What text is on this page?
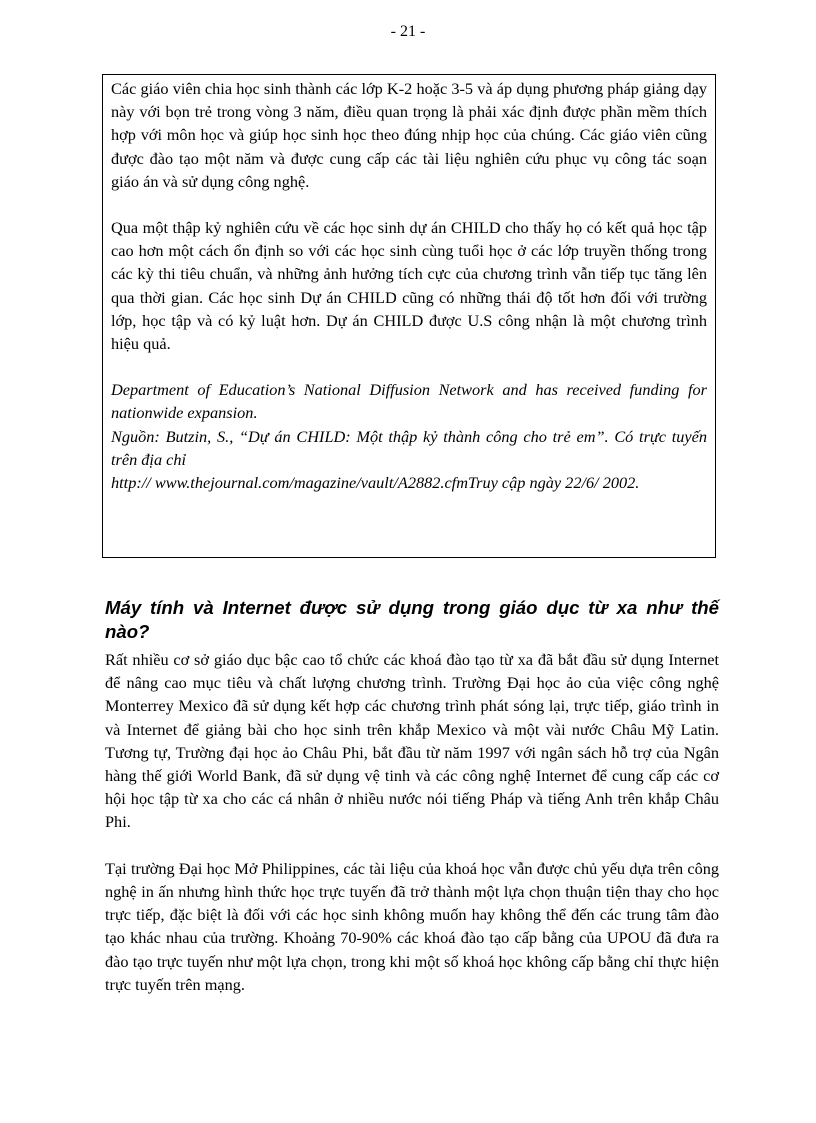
- 21 -

Các giáo viên chia học sinh thành các lớp K-2 hoặc 3-5 và áp dụng phương pháp giảng dạy này với bọn trẻ trong vòng 3 năm, điều quan trọng là phải xác định được phần mềm thích hợp với môn học và giúp học sinh học theo đúng nhịp học của chúng. Các giáo viên cũng được đào tạo một năm và được cung cấp các tài liệu nghiên cứu phục vụ công tác soạn giáo án và sử dụng công nghệ.

Qua một thập kỷ nghiên cứu về các học sinh dự án CHILD cho thấy họ có kết quả học tập cao hơn một cách ổn định so với các học sinh cùng tuổi học ở các lớp truyền thống trong các kỳ thi tiêu chuẩn, và những ảnh hưởng tích cực của chương trình vẫn tiếp tục tăng lên qua thời gian. Các học sinh Dự án CHILD cũng có những thái độ tốt hơn đối với trường lớp, học tập và có kỷ luật hơn. Dự án CHILD được U.S công nhận là một chương trình hiệu quả.

Department of Education’s National Diffusion Network and has received funding for nationwide expansion.
Nguồn: Butzin, S., “Dự án CHILD: Một thập kỷ thành công cho trẻ em”. Có trực tuyến trên địa chỉ
http:// www.thejournal.com/magazine/vault/A2882.cfmTruy cập ngày 22/6/ 2002.
Máy tính và Internet được sử dụng trong giáo dục từ xa như thế nào?

Rất nhiều cơ sở giáo dục bậc cao tổ chức các khoá đào tạo từ xa đã bắt đầu sử dụng Internet để nâng cao mục tiêu và chất lượng chương trình. Trường Đại học ảo của việc công nghệ Monterrey Mexico đã sử dụng kết hợp các chương trình phát sóng lại, trực tiếp, giáo trình in và Internet để giảng bài cho học sinh trên khắp Mexico và một vài nước Châu Mỹ Latin. Tương tự, Trường đại học ảo Châu Phi, bắt đầu từ năm 1997 với ngân sách hỗ trợ của Ngân hàng thế giới World Bank, đã sử dụng vệ tinh và các công nghệ Internet để cung cấp các cơ hội học tập từ xa cho các cá nhân ở nhiều nước nói tiếng Pháp và tiếng Anh trên khắp Châu Phi.

Tại trường Đại học Mở Philippines, các tài liệu của khoá học vẫn được chủ yếu dựa trên công nghệ in ấn nhưng hình thức học trực tuyến đã trở thành một lựa chọn thuận tiện thay cho học trực tiếp, đặc biệt là đối với các học sinh không muốn hay không thể đến các trung tâm đào tạo khác nhau của trường. Khoảng 70-90% các khoá đào tạo cấp bằng của UPOU đã đưa ra đào tạo trực tuyến như một lựa chọn, trong khi một số khoá học không cấp bằng chỉ thực hiện trực tuyến trên mạng.
